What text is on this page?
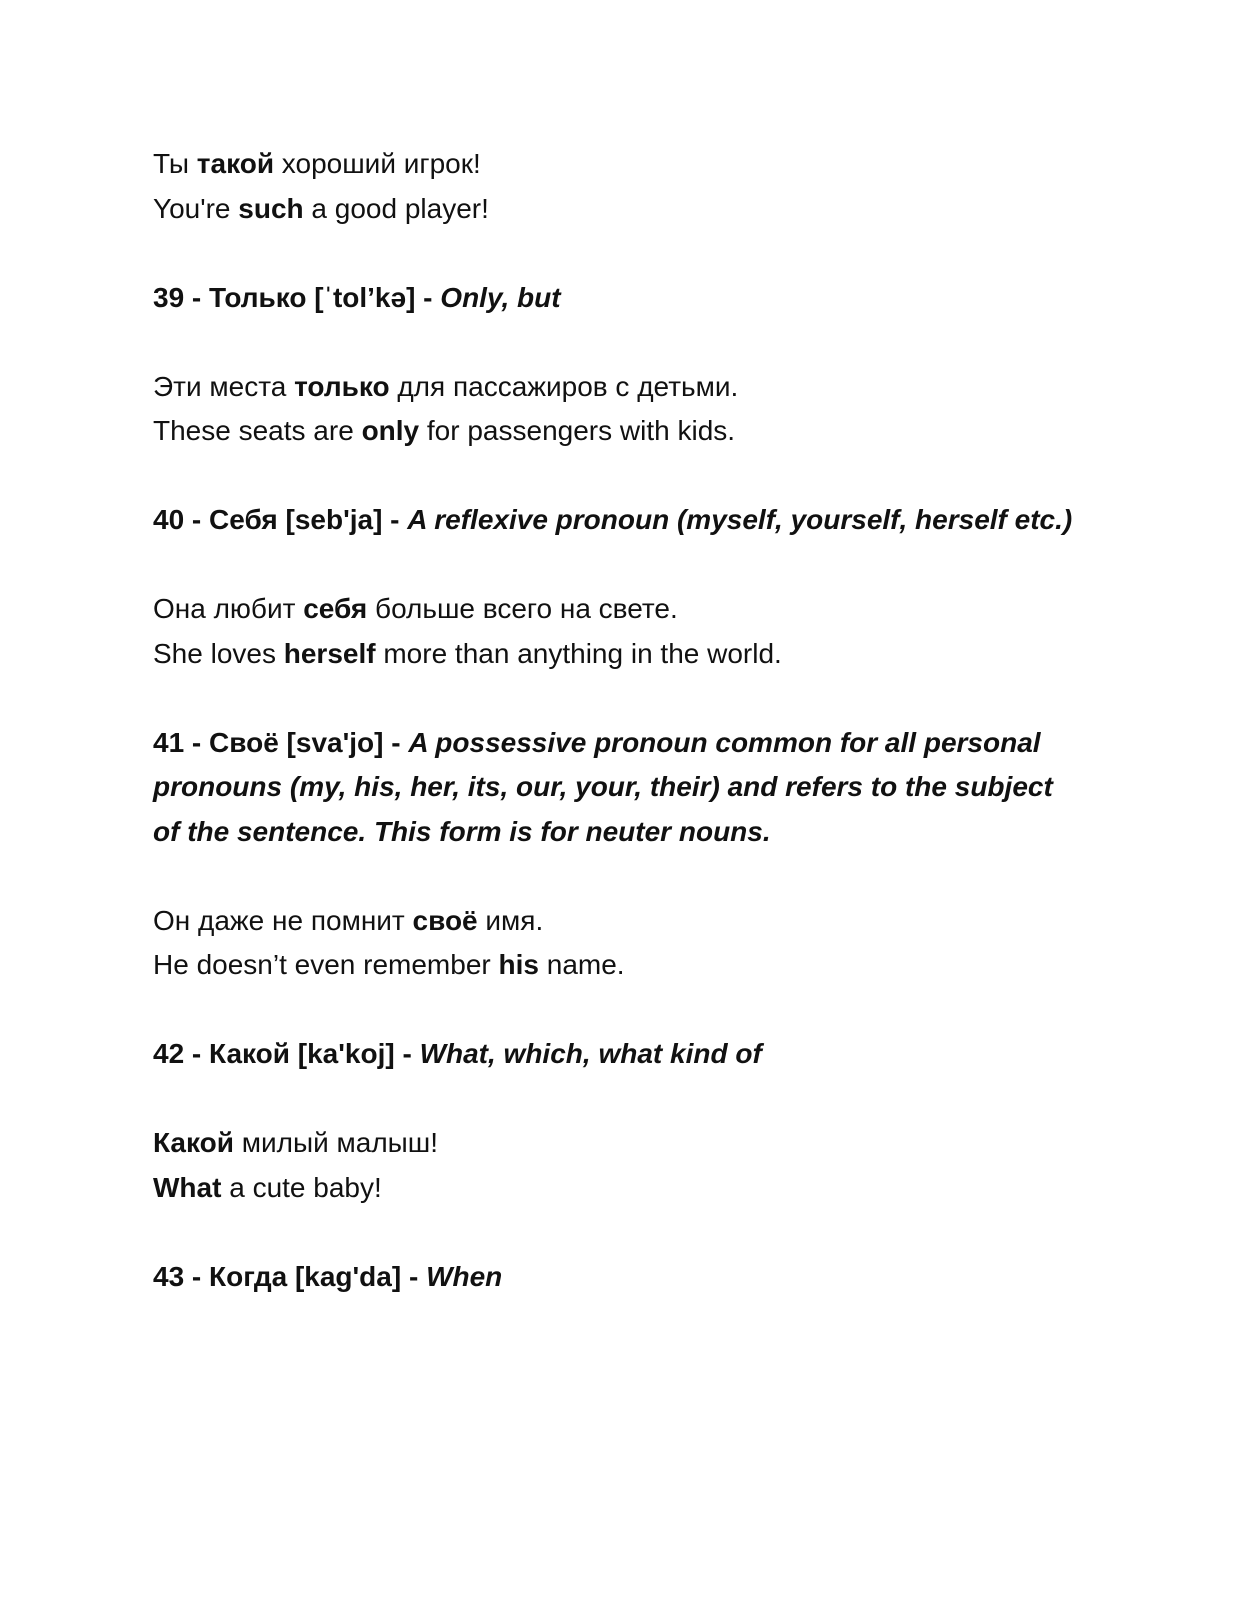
Ты такой хороший игрок!
You're such a good player!
39 - Только [ˈtolʼkə] - Only, but
Эти места только для пассажиров с детьми.
These seats are only for passengers with kids.
40 - Себя [seb'ja] - A reflexive pronoun (myself, yourself, herself etc.)
Она любит себя больше всего на свете.
She loves herself more than anything in the world.
41 - Своё [sva'jo] - A possessive pronoun common for all personal pronouns (my, his, her, its, our, your, their) and refers to the subject of the sentence. This form is for neuter nouns.
Он даже не помнит своё имя.
He doesn’t even remember his name.
42 - Какой [ka'koj] - What, which, what kind of
Какой милый малыш!
What a cute baby!
43 - Когда [kag'da] - When
